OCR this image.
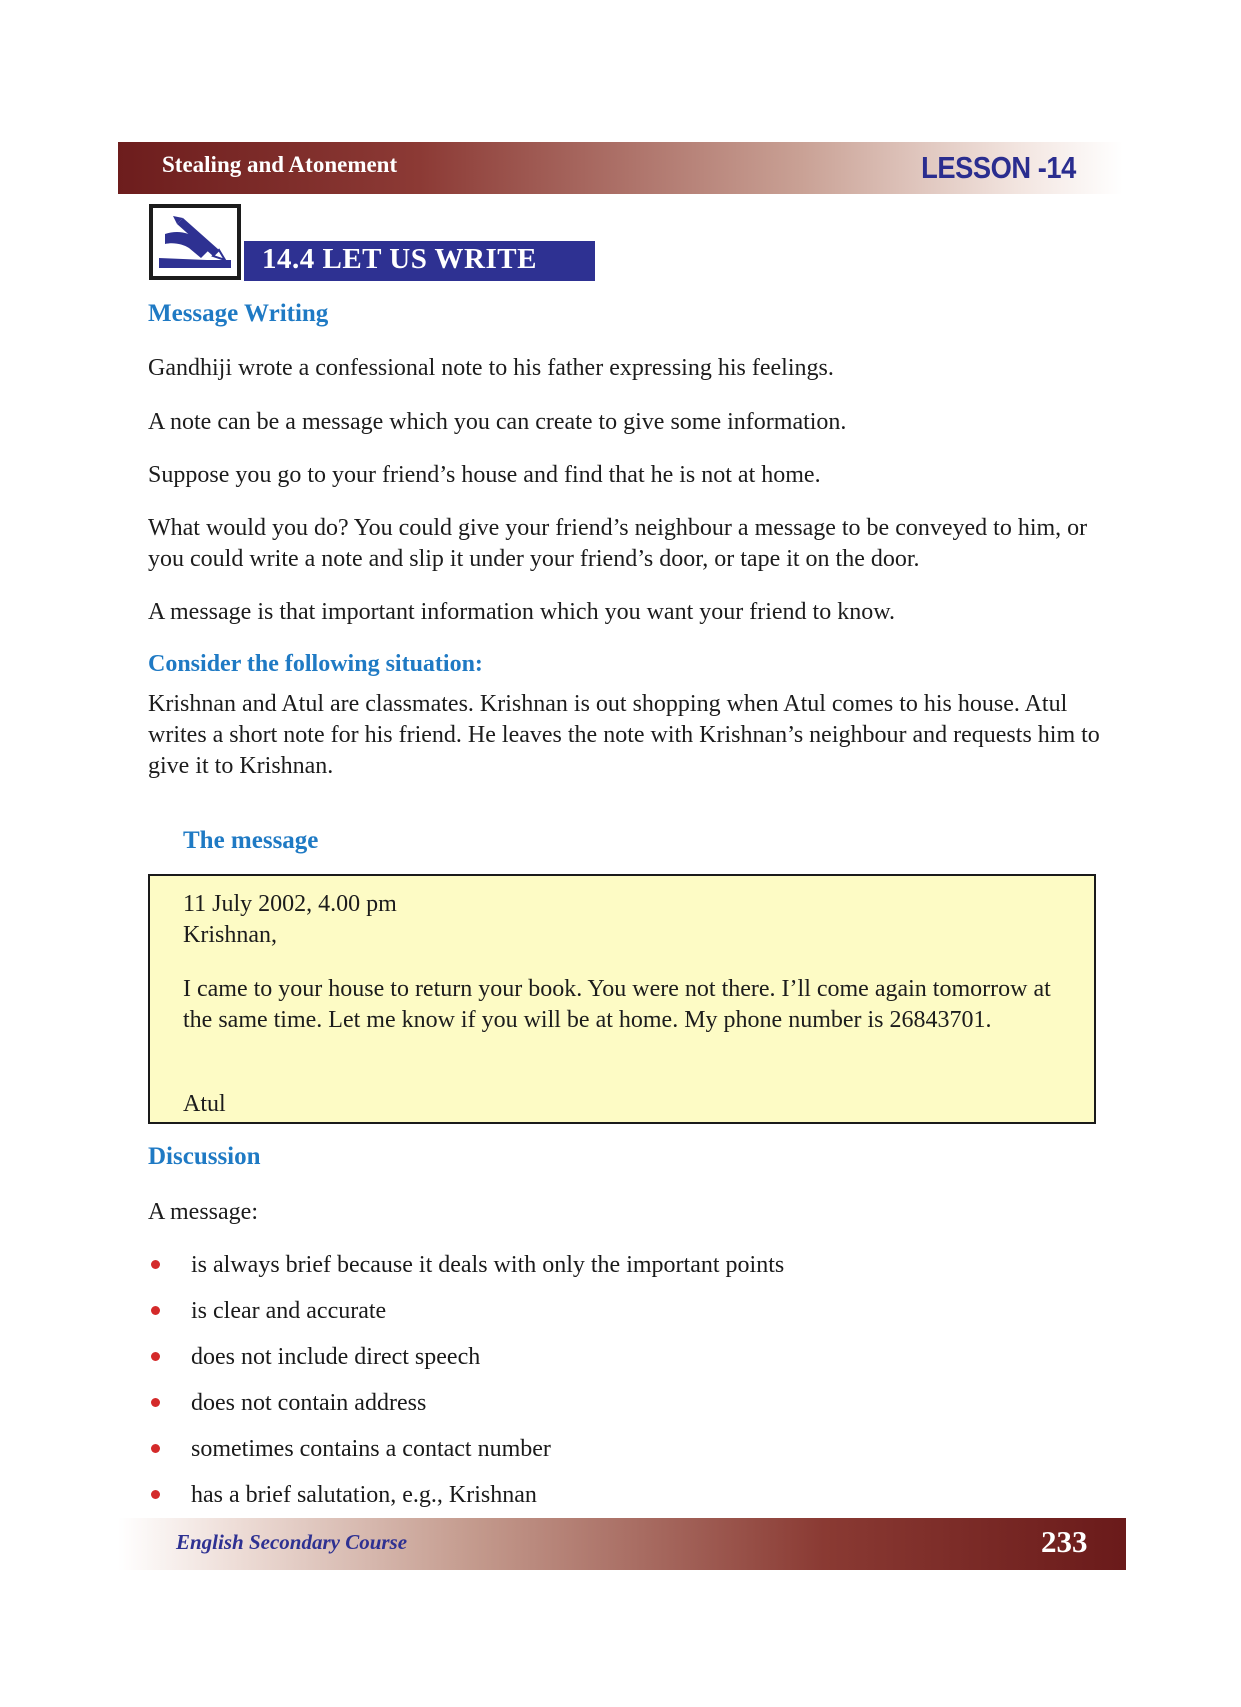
Stealing and Atonement	LESSON -14
14.4 LET US WRITE
Message Writing
Gandhiji wrote a confessional note to his father expressing his feelings.
A note can be a message which you can create to give some information.
Suppose you go to your friend’s house and find that he is not at home.
What would you do? You could give your friend’s neighbour a message to be conveyed to him, or you could write a note and slip it under your friend’s door, or tape it on the door.
A message is that important information which you want your friend to know.
Consider the following situation:
Krishnan and Atul are classmates. Krishnan is out shopping when Atul comes to his house. Atul writes a short note for his friend. He leaves the note with Krishnan’s neighbour and requests him to give it to Krishnan.
The message
11 July 2002, 4.00 pm
Krishnan,
I came to your house to return your book. You were not there. I’ll come again tomorrow at the same time. Let me know if you will be at home. My phone number is 26843701.
Atul
Discussion
A message:
is always brief because it deals with only the important points
is clear and accurate
does not include direct speech
does not contain address
sometimes contains a contact number
has a brief salutation, e.g., Krishnan
English Secondary Course	233
